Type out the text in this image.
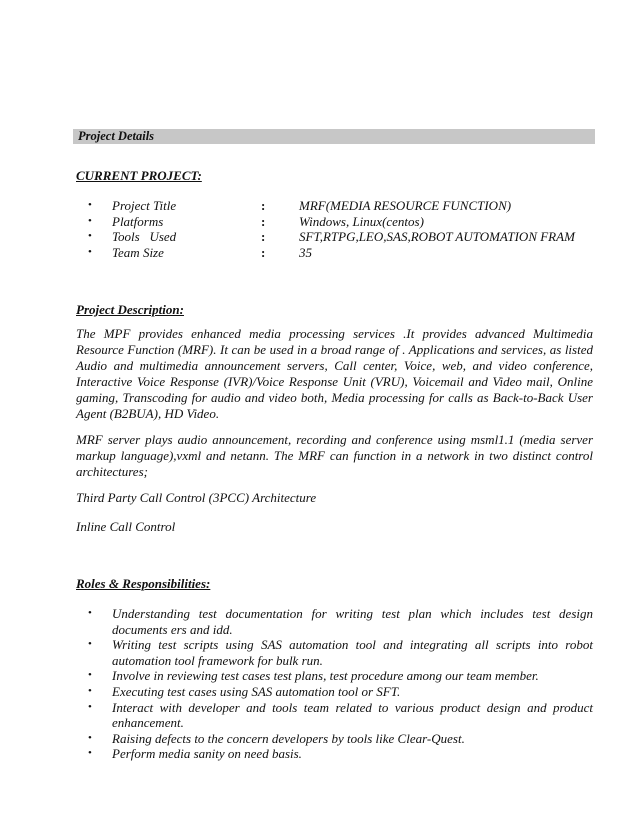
Project Details
CURRENT PROJECT:
•	Project Title	:	MRF(MEDIA RESOURCE FUNCTION)
•	Platforms	:	Windows, Linux(centos)
•	Tools   Used	:	SFT,RTPG,LEO,SAS,ROBOT AUTOMATION FRAM
•	Team Size	:	35
Project Description:

The MPF provides enhanced media processing services .It provides advanced Multimedia Resource Function (MRF). It can be used in a broad range of . Applications and services, as listed Audio and multimedia announcement servers, Call center, Voice, web, and video conference, Interactive Voice Response (IVR)/Voice Response Unit (VRU), Voicemail and Video mail, Online gaming, Transcoding for audio and video both, Media processing for calls as Back-to-Back User Agent (B2BUA), HD Video.

MRF server plays audio announcement, recording and conference using msml1.1 (media server markup language),vxml and netann. The MRF can function in a network in two distinct control architectures;

Third Party Call Control (3PCC) Architecture

Inline Call Control

Roles & Responsibilities:
•	Understanding test documentation for writing test plan which includes test design documents ers and idd.
•	Writing test scripts using SAS automation tool and integrating all scripts into robot automation tool framework for bulk run.
•	Involve in reviewing test cases test plans, test procedure among our team member.
•	Executing test cases using SAS automation tool or SFT.
•	Interact with developer and tools team related to various product design and product enhancement.
•	Raising defects to the concern developers by tools like Clear-Quest.
•	Perform media sanity on need basis.
